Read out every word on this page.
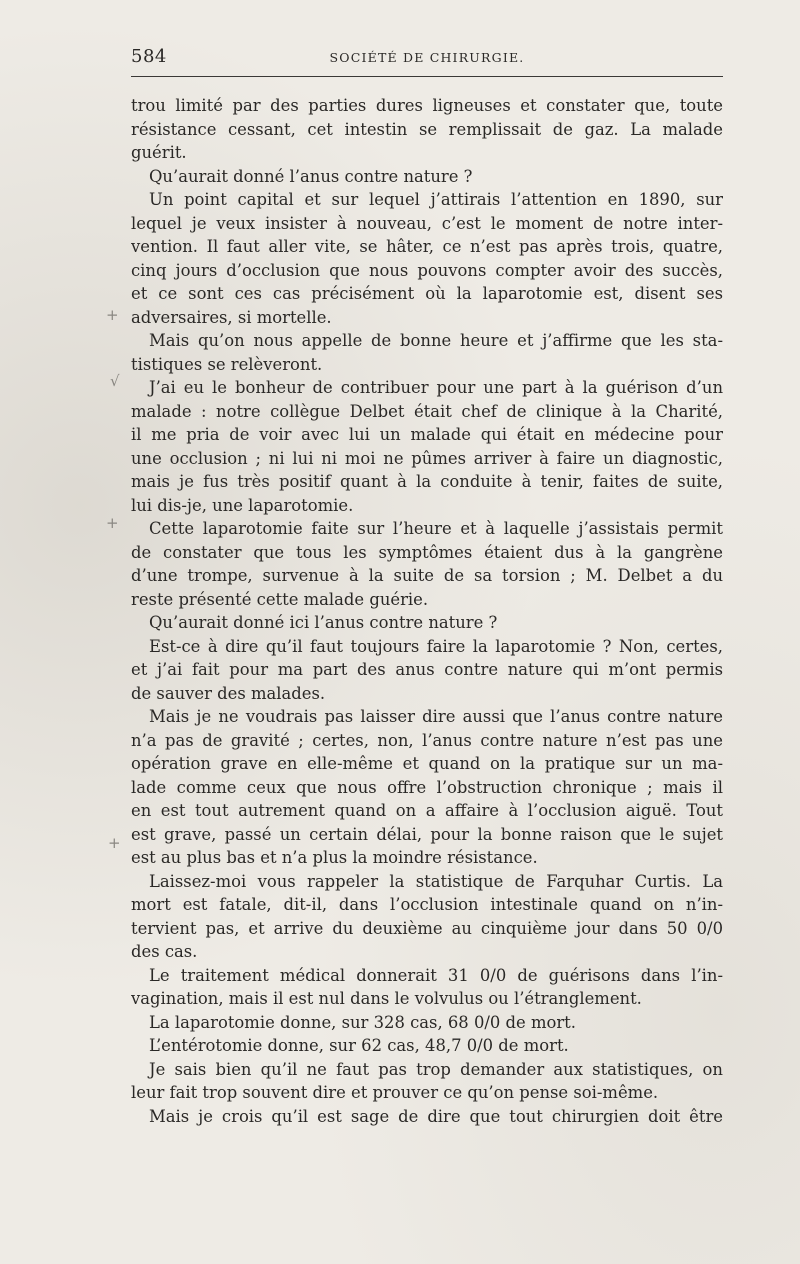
584	SOCIÉTÉ DE CHIRURGIE.
trou limité par des parties dures ligneuses et constater que, toute
résistance cessant, cet intestin se remplissait de gaz. La malade
guérit.
Qu’aurait donné l’anus contre nature ?
Un point capital et sur lequel j’attirais l’attention en 1890, sur
lequel je veux insister à nouveau, c’est le moment de notre inter-
vention. Il faut aller vite, se hâter, ce n’est pas après trois, quatre,
cinq jours d’occlusion que nous pouvons compter avoir des succès,
et ce sont ces cas précisément où la laparotomie est, disent ses
adversaires, si mortelle.
Mais qu’on nous appelle de bonne heure et j’affirme que les sta-
tistiques se relèveront.
J’ai eu le bonheur de contribuer pour une part à la guérison d’un
malade : notre collègue Delbet était chef de clinique à la Charité,
il me pria de voir avec lui un malade qui était en médecine pour
une occlusion ; ni lui ni moi ne pûmes arriver à faire un diagnostic,
mais je fus très positif quant à la conduite à tenir, faites de suite,
lui dis-je, une laparotomie.
Cette laparotomie faite sur l’heure et à laquelle j’assistais permit
de constater que tous les symptômes étaient dus à la gangrène
d’une trompe, survenue à la suite de sa torsion ; M. Delbet a du
reste présenté cette malade guérie.
Qu’aurait donné ici l’anus contre nature ?
Est-ce à dire qu’il faut toujours faire la laparotomie ? Non, certes,
et j’ai fait pour ma part des anus contre nature qui m’ont permis
de sauver des malades.
Mais je ne voudrais pas laisser dire aussi que l’anus contre nature
n’a pas de gravité ; certes, non, l’anus contre nature n’est pas une
opération grave en elle-même et quand on la pratique sur un ma-
lade comme ceux que nous offre l’obstruction chronique ; mais il
en est tout autrement quand on a affaire à l’occlusion aiguë. Tout
est grave, passé un certain délai, pour la bonne raison que le sujet
est au plus bas et n’a plus la moindre résistance.
Laissez-moi vous rappeler la statistique de Farquhar Curtis. La
mort est fatale, dit-il, dans l’occlusion intestinale quand on n’in-
tervient pas, et arrive du deuxième au cinquième jour dans 50 0/0
des cas.
Le traitement médical donnerait 31 0/0 de guérisons dans l’in-
vagination, mais il est nul dans le volvulus ou l’étranglement.
La laparotomie donne, sur 328 cas, 68 0/0 de mort.
L’entérotomie donne, sur 62 cas, 48,7 0/0 de mort.
Je sais bien qu’il ne faut pas trop demander aux statistiques, on
leur fait trop souvent dire et prouver ce qu’on pense soi-même.
Mais je crois qu’il est sage de dire que tout chirurgien doit être
+
√
+
+
